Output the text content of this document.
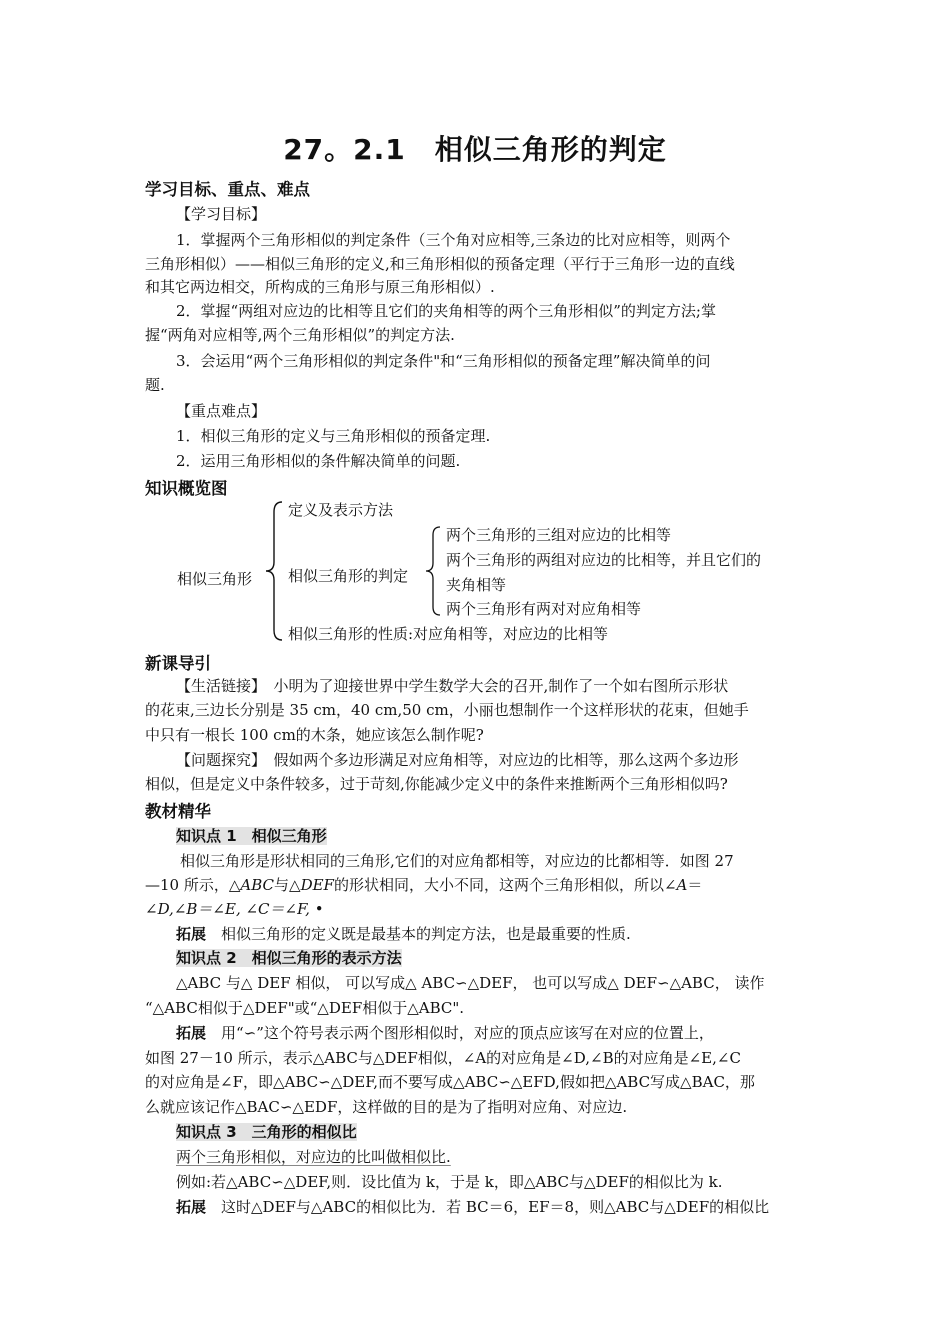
27。2.1　相似三角形的判定
学习目标、重点、难点
【学习目标】
1．掌握两个三角形相似的判定条件（三个角对应相等,三条边的比对应相等，则两个
三角形相似）——相似三角形的定义,和三角形相似的预备定理（平行于三角形一边的直线
和其它两边相交，所构成的三角形与原三角形相似）.
2．掌握“两组对应边的比相等且它们的夹角相等的两个三角形相似”的判定方法;掌
握“两角对应相等,两个三角形相似”的判定方法.
3．会运用“两个三角形相似的判定条件"和“三角形相似的预备定理”解决简单的问
题.
【重点难点】
1．相似三角形的定义与三角形相似的预备定理.
2．运用三角形相似的条件解决简单的问题.
知识概览图
相似三角形
定义及表示方法
相似三角形的判定
两个三角形的三组对应边的比相等
两个三角形的两组对应边的比相等，并且它们的
夹角相等
两个三角形有两对对应角相等
相似三角形的性质:对应角相等，对应边的比相等
新课导引
【生活链接】　小明为了迎接世界中学生数学大会的召开,制作了一个如右图所示形状
的花束,三边长分别是 35 cm，40 cm,50 cm，小丽也想制作一个这样形状的花束，但她手
中只有一根长 100 cm的木条，她应该怎么制作呢?
【问题探究】　假如两个多边形满足对应角相等，对应边的比相等，那么这两个多边形
相似，但是定义中条件较多，过于苛刻,你能减少定义中的条件来推断两个三角形相似吗?
教材精华
知识点 1　相似三角形
相似三角形是形状相同的三角形,它们的对应角都相等，对应边的比都相等．如图 27
—10 所示，△ABC与△DEF的形状相同，大小不同，这两个三角形相似，所以∠A＝
∠D,∠B＝∠E, ∠C＝∠F, •
拓展　相似三角形的定义既是最基本的判定方法，也是最重要的性质.
知识点 2　相似三角形的表示方法
△ABC 与△ DEF 相似， 可以写成△ ABC∽△DEF， 也可以写成△ DEF∽△ABC， 读作
“△ABC相似于△DEF"或“△DEF相似于△ABC".
拓展　用“∽”这个符号表示两个图形相似时，对应的顶点应该写在对应的位置上，
如图 27－10 所示，表示△ABC与△DEF相似，∠A的对应角是∠D,∠B的对应角是∠E,∠C
的对应角是∠F，即△ABC∽△DEF,而不要写成△ABC∽△EFD,假如把△ABC写成△BAC，那
么就应该记作△BAC∽△EDF，这样做的目的是为了指明对应角、对应边.
知识点 3　三角形的相似比
两个三角形相似，对应边的比叫做相似比.
例如:若△ABC∽△DEF,则．设比值为 k，于是 k，即△ABC与△DEF的相似比为 k.
拓展　这时△DEF与△ABC的相似比为．若 BC＝6，EF＝8，则△ABC与△DEF的相似比
